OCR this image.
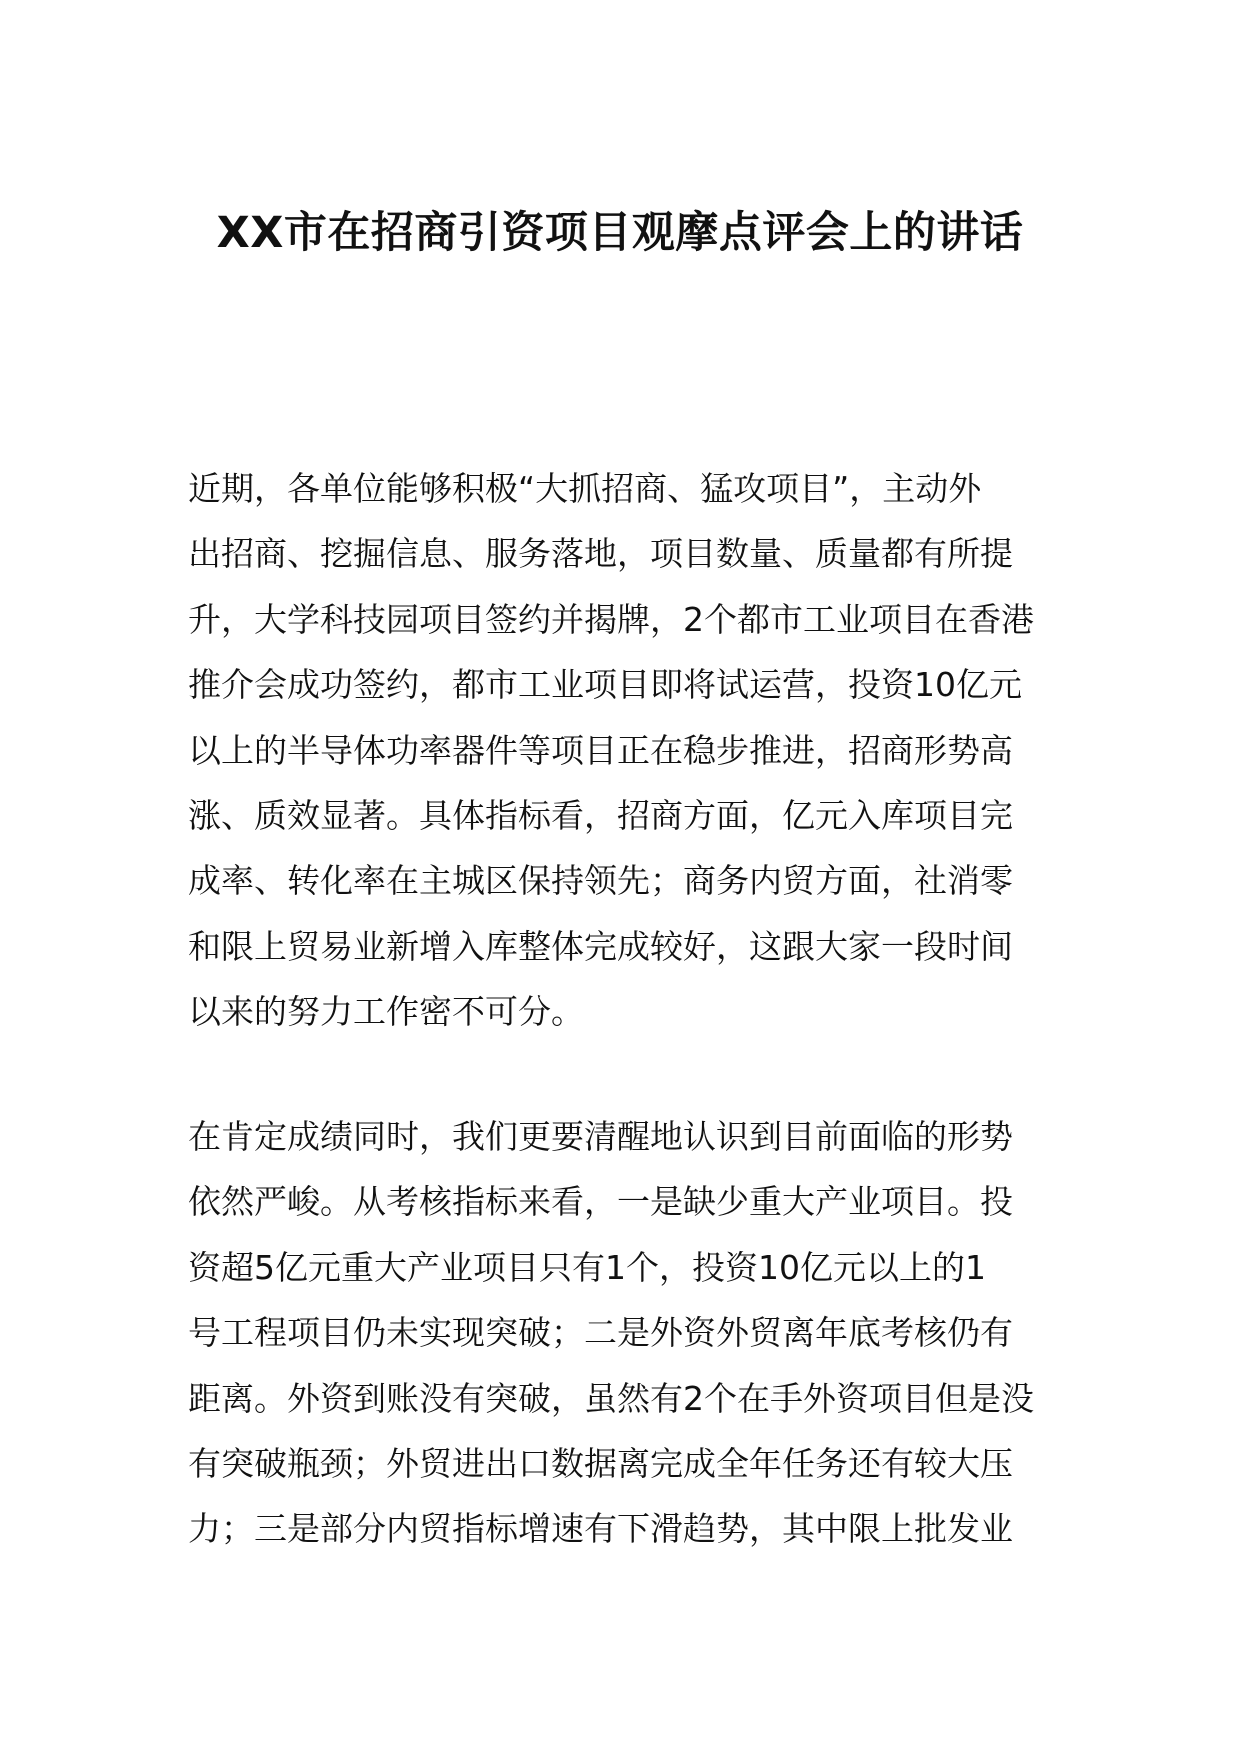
XX市在招商引资项目观摩点评会上的讲话
近期，各单位能够积极“大抓招商、猛攻项目”，主动外
出招商、挖掘信息、服务落地，项目数量、质量都有所提
升，大学科技园项目签约并揭牌，2个都市工业项目在香港
推介会成功签约，都市工业项目即将试运营，投资10亿元
以上的半导体功率器件等项目正在稳步推进，招商形势高
涨、质效显著。具体指标看，招商方面，亿元入库项目完
成率、转化率在主城区保持领先；商务内贸方面，社消零
和限上贸易业新增入库整体完成较好，这跟大家一段时间
以来的努力工作密不可分。
在肯定成绩同时，我们更要清醒地认识到目前面临的形势
依然严峻。从考核指标来看，一是缺少重大产业项目。投
资超5亿元重大产业项目只有1个，投资10亿元以上的1
号工程项目仍未实现突破；二是外资外贸离年底考核仍有
距离。外资到账没有突破，虽然有2个在手外资项目但是没
有突破瓶颈；外贸进出口数据离完成全年任务还有较大压
力；三是部分内贸指标增速有下滑趋势，其中限上批发业
